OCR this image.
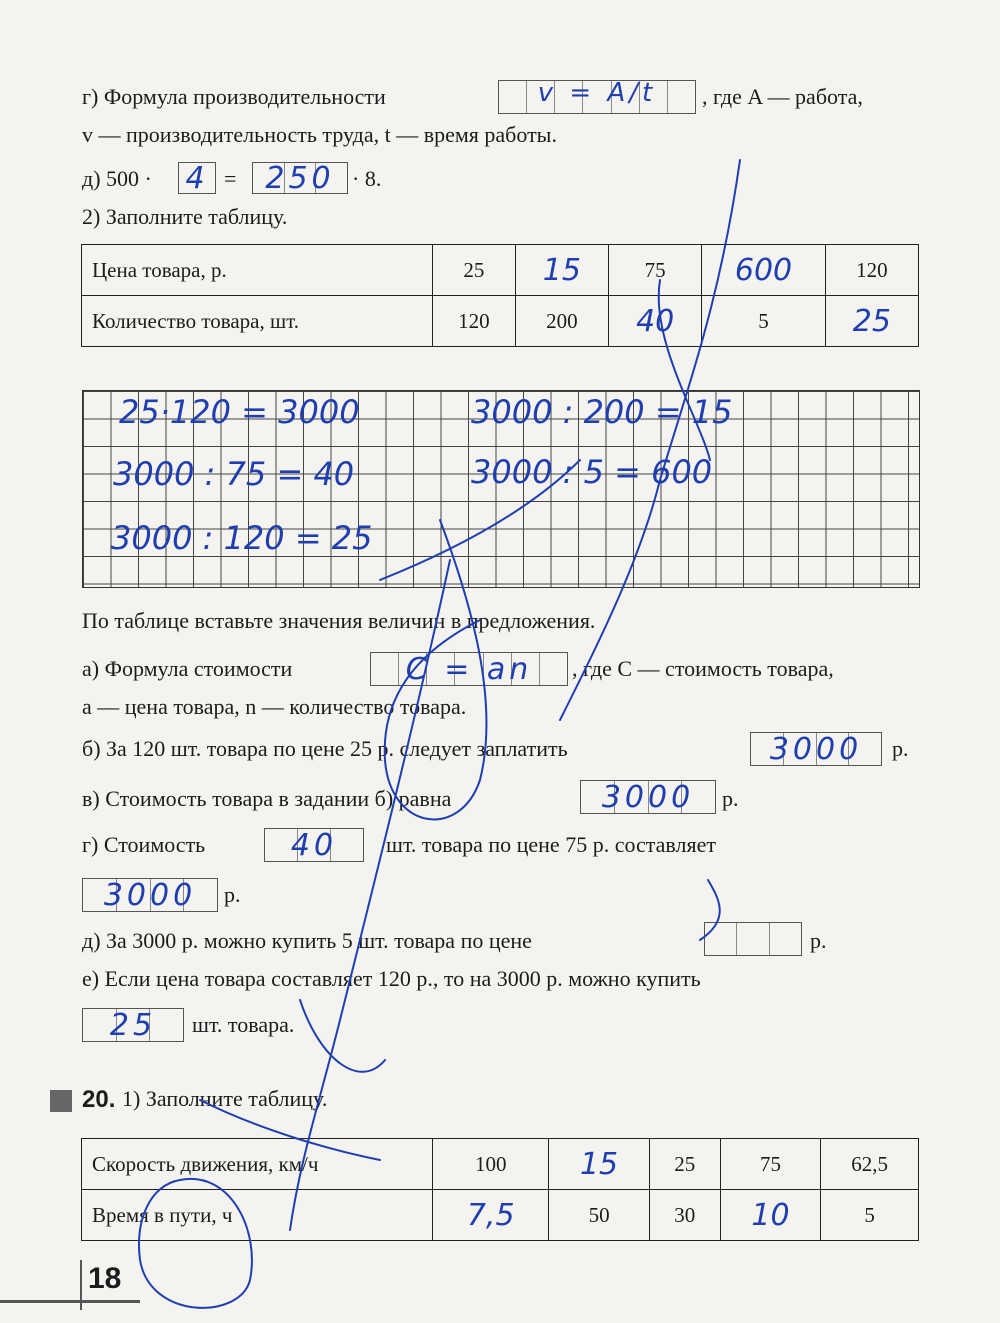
г) Формула производительности	v = A/t , где A — работа,
v — производительность труда, t — время работы.
д) 500 · 4 = 250 · 8.
2) Заполните таблицу.
Цена товара, р.	25	15	75	600	120
Количество товара, шт.	120	200	40	5	25
25·120 = 3000
3000 : 75 = 40
3000 : 120 = 25
3000 : 200 = 15
3000 : 5 = 600
По таблице вставьте значения величин в предложения.
а) Формула стоимости	C = an , где C — стоимость товара,
a — цена товара, n — количество товара.
б) За 120 шт. товара по цене 25 р. следует заплатить	3000 р.
в) Стоимость товара в задании б) равна	3000 р.
г) Стоимость	40 шт. товара по цене 75 р. составляет
3000 р.
д) За 3000 р. можно купить 5 шт. товара по цене	р.
е) Если цена товара составляет 120 р., то на 3000 р. можно купить
25 шт. товара.
20. 1) Заполните таблицу.
Скорость движения, км/ч	100	15	25	75	62,5
Время в пути, ч	7,5	50	30	10	5
18
